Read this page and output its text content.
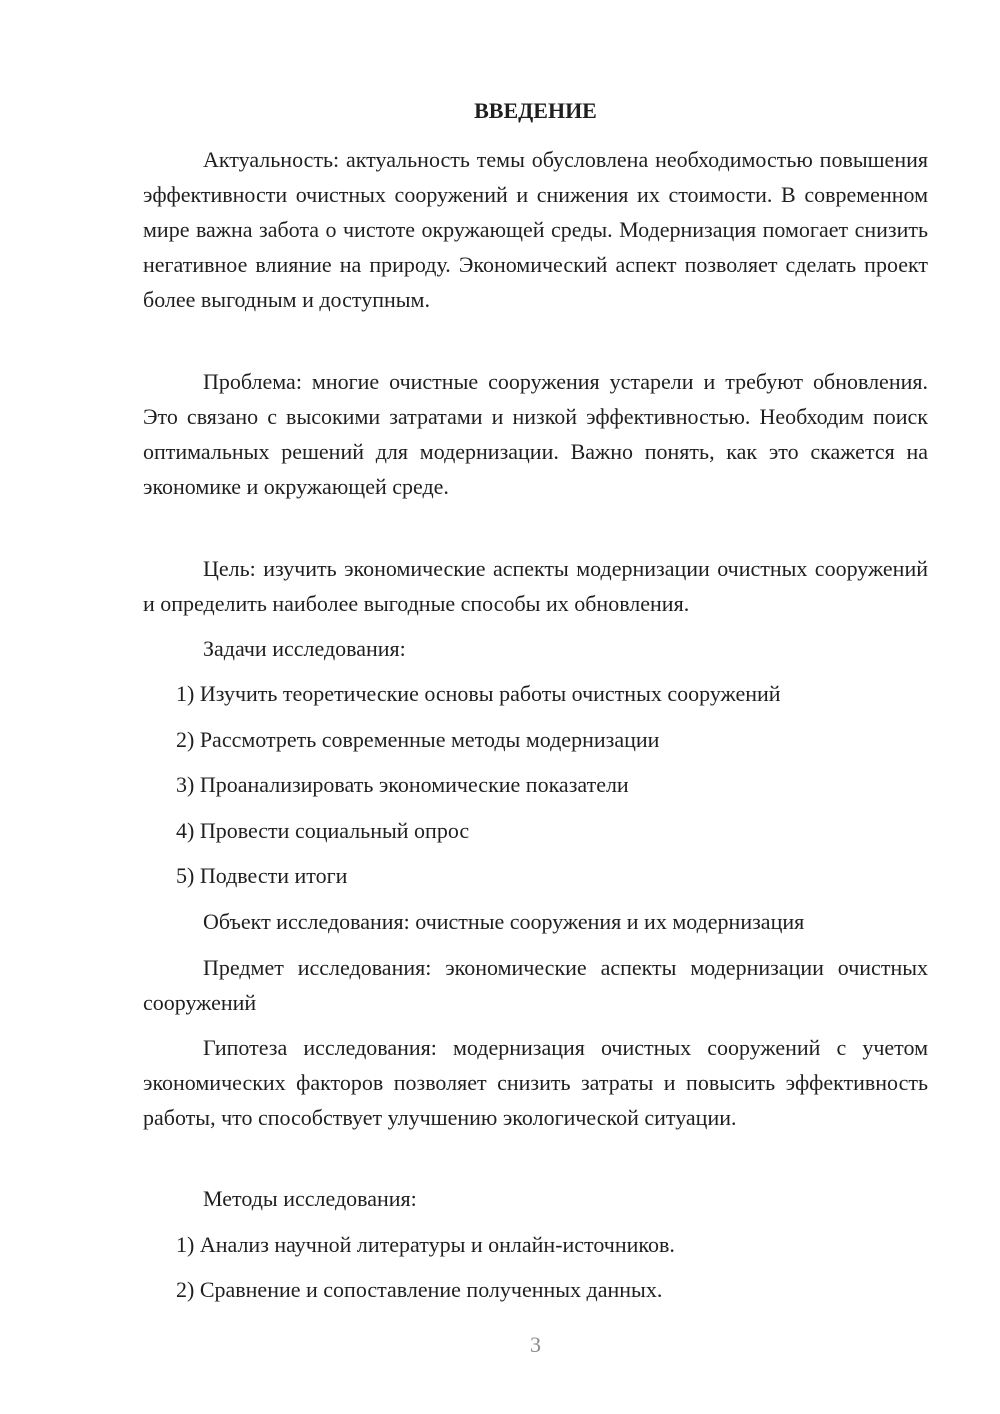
ВВЕДЕНИЕ
Актуальность: актуальность темы обусловлена необходимостью повышения эффективности очистных сооружений и снижения их стоимости. В современном мире важна забота о чистоте окружающей среды. Модернизация помогает снизить негативное влияние на природу. Экономический аспект позволяет сделать проект более выгодным и доступным.
Проблема: многие очистные сооружения устарели и требуют обновления. Это связано с высокими затратами и низкой эффективностью. Необходим поиск оптимальных решений для модернизации. Важно понять, как это скажется на экономике и окружающей среде.
Цель: изучить экономические аспекты модернизации очистных сооружений и определить наиболее выгодные способы их обновления.
Задачи исследования:
1) Изучить теоретические основы работы очистных сооружений
2) Рассмотреть современные методы модернизации
3) Проанализировать экономические показатели
4) Провести социальный опрос
5) Подвести итоги
Объект исследования: очистные сооружения и их модернизация
Предмет исследования: экономические аспекты модернизации очистных сооружений
Гипотеза исследования: модернизация очистных сооружений с учетом экономических факторов позволяет снизить затраты и повысить эффективность работы, что способствует улучшению экологической ситуации.
Методы исследования:
1) Анализ научной литературы и онлайн-источников.
2) Сравнение и сопоставление полученных данных.
3
